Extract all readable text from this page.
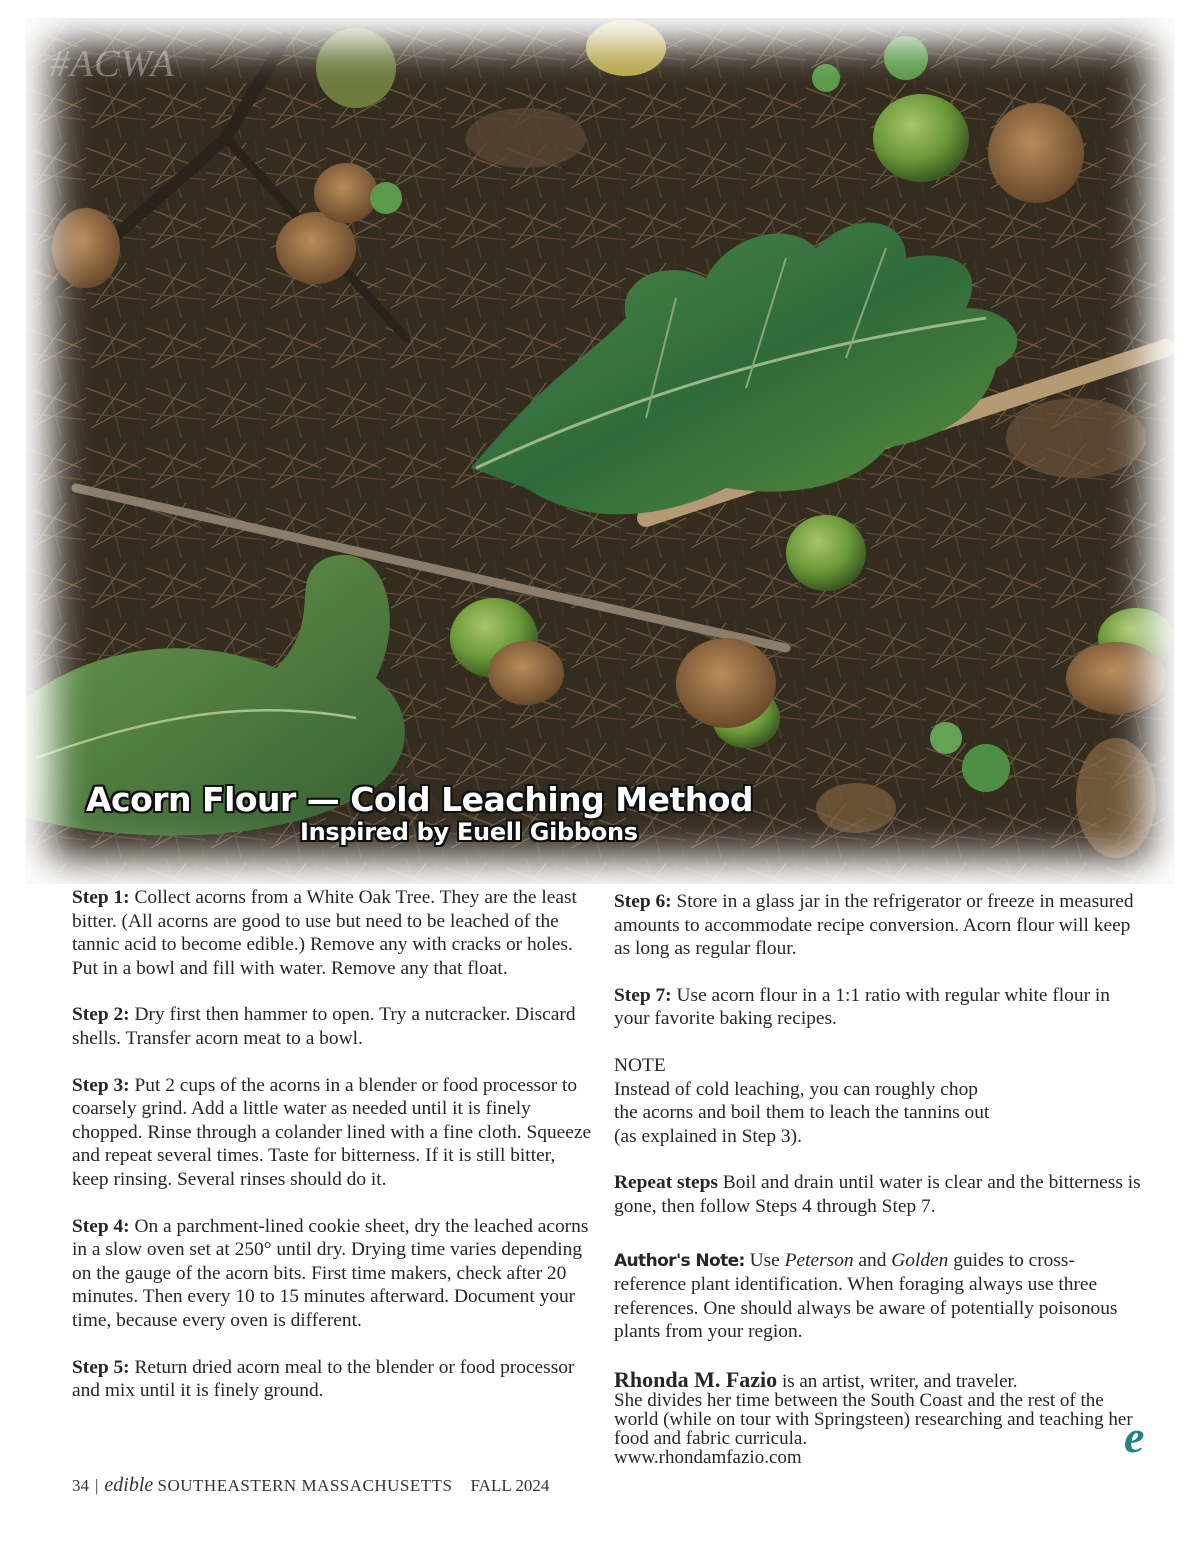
#ACWA
Acorn Flour — Cold Leaching Method
Inspired by Euell Gibbons

Step 1: Collect acorns from a White Oak Tree. They are the least bitter. (All acorns are good to use but need to be leached of the tannic acid to become edible.) Remove any with cracks or holes. Put in a bowl and fill with water. Remove any that float.

Step 2: Dry first then hammer to open. Try a nutcracker. Discard shells. Transfer acorn meat to a bowl.

Step 3: Put 2 cups of the acorns in a blender or food processor to coarsely grind. Add a little water as needed until it is finely chopped. Rinse through a colander lined with a fine cloth. Squeeze and repeat several times. Taste for bitterness. If it is still bitter, keep rinsing. Several rinses should do it.

Step 4: On a parchment-lined cookie sheet, dry the leached acorns in a slow oven set at 250° until dry. Drying time varies depending on the gauge of the acorn bits. First time makers, check after 20 minutes. Then every 10 to 15 minutes afterward. Document your time, because every oven is different.

Step 5: Return dried acorn meal to the blender or food processor and mix until it is finely ground.

Step 6: Store in a glass jar in the refrigerator or freeze in measured amounts to accommodate recipe conversion. Acorn flour will keep as long as regular flour.

Step 7: Use acorn flour in a 1:1 ratio with regular white flour in your favorite baking recipes.

NOTE
Instead of cold leaching, you can roughly chop
the acorns and boil them to leach the tannins out
(as explained in Step 3).

Repeat steps Boil and drain until water is clear and the bitterness is gone, then follow Steps 4 through Step 7.

Author's Note: Use Peterson and Golden guides to cross-reference plant identification. When foraging always use three references. One should always be aware of potentially poisonous plants from your region.

Rhonda M. Fazio is an artist, writer, and traveler.
She divides her time between the South Coast and the rest of the world (while on tour with Springsteen) researching and teaching her food and fabric curricula.
www.rhondamfazio.com	e
34 | edible SOUTHEASTERN MASSACHUSETTS FALL 2024
